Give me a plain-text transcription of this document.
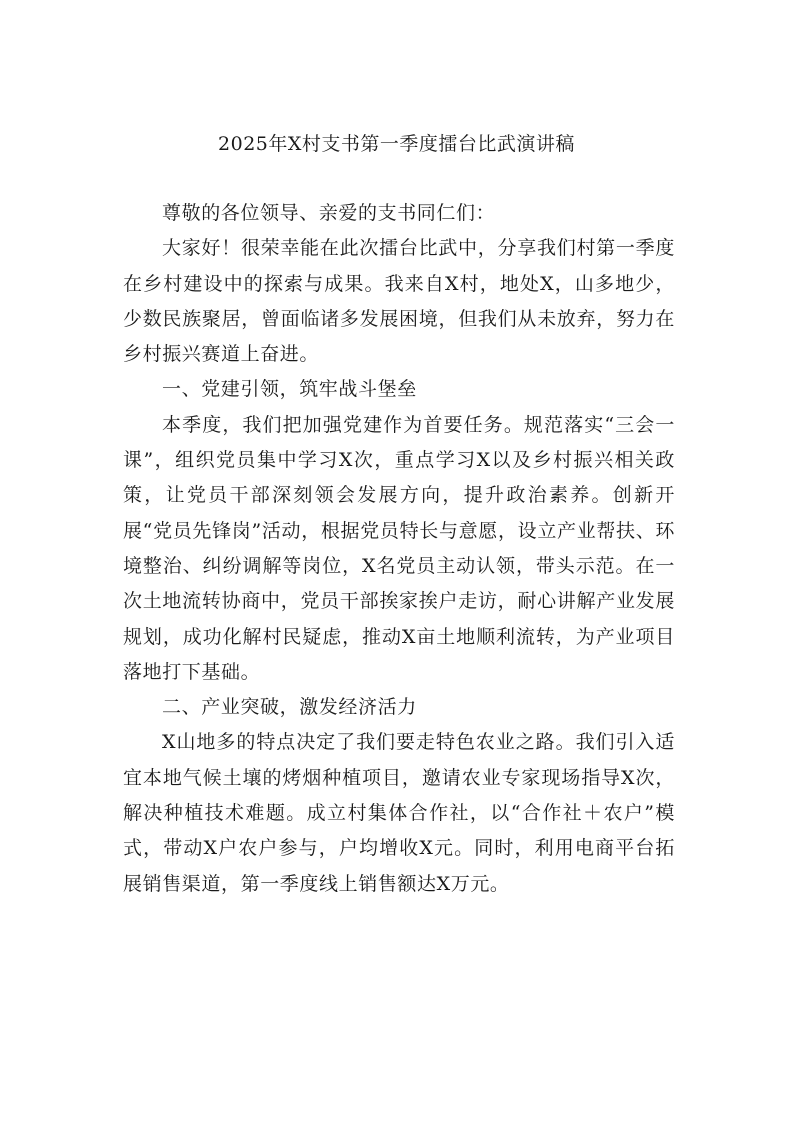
2025年X村支书第一季度擂台比武演讲稿

尊敬的各位领导、亲爱的支书同仁们：

大家好！很荣幸能在此次擂台比武中，分享我们村第一季度在乡村建设中的探索与成果。我来自X村，地处X，山多地少，少数民族聚居，曾面临诸多发展困境，但我们从未放弃，努力在乡村振兴赛道上奋进。

一、党建引领，筑牢战斗堡垒

本季度，我们把加强党建作为首要任务。规范落实“三会一课”，组织党员集中学习X次，重点学习X以及乡村振兴相关政策，让党员干部深刻领会发展方向，提升政治素养。创新开展“党员先锋岗”活动，根据党员特长与意愿，设立产业帮扶、环境整治、纠纷调解等岗位，X名党员主动认领，带头示范。在一次土地流转协商中，党员干部挨家挨户走访，耐心讲解产业发展规划，成功化解村民疑虑，推动X亩土地顺利流转，为产业项目落地打下基础。

二、产业突破，激发经济活力

X山地多的特点决定了我们要走特色农业之路。我们引入适宜本地气候土壤的烤烟种植项目，邀请农业专家现场指导X次，解决种植技术难题。成立村集体合作社，以“合作社＋农户”模式，带动X户农户参与，户均增收X元。同时，利用电商平台拓展销售渠道，第一季度线上销售额达X万元。
